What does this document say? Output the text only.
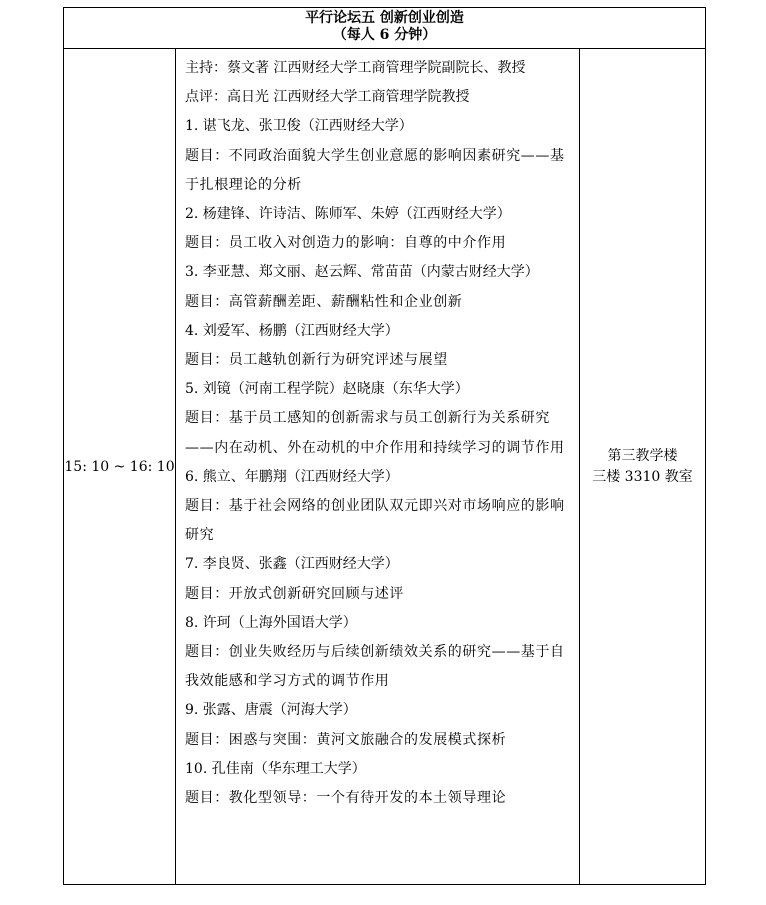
平行论坛五 创新创业创造
（每人 6 分钟）
15: 10 ~ 16: 10

主持：蔡文著 江西财经大学工商管理学院副院长、教授

点评：高日光 江西财经大学工商管理学院教授

1. 谌飞龙、张卫俊（江西财经大学）

题目：不同政治面貌大学生创业意愿的影响因素研究——基于扎根理论的分析

2. 杨建锋、许诗洁、陈师军、朱婷（江西财经大学）

题目：员工收入对创造力的影响：自尊的中介作用

3. 李亚慧、郑文丽、赵云辉、常苗苗（内蒙古财经大学）

题目：高管薪酬差距、薪酬粘性和企业创新

4. 刘爱军、杨鹏（江西财经大学）

题目：员工越轨创新行为研究评述与展望

5. 刘镜（河南工程学院）赵晓康（东华大学）

题目：基于员工感知的创新需求与员工创新行为关系研究——内在动机、外在动机的中介作用和持续学习的调节作用

6. 熊立、年鹏翔（江西财经大学）

题目：基于社会网络的创业团队双元即兴对市场响应的影响研究

7. 李良贤、张鑫（江西财经大学）

题目：开放式创新研究回顾与述评

8. 许珂（上海外国语大学）

题目：创业失败经历与后续创新绩效关系的研究——基于自我效能感和学习方式的调节作用

9. 张露、唐震（河海大学）

题目：困惑与突围：黄河文旅融合的发展模式探析

10. 孔佳南（华东理工大学）

题目：教化型领导：一个有待开发的本土领导理论

第三教学楼
三楼 3310 教室
